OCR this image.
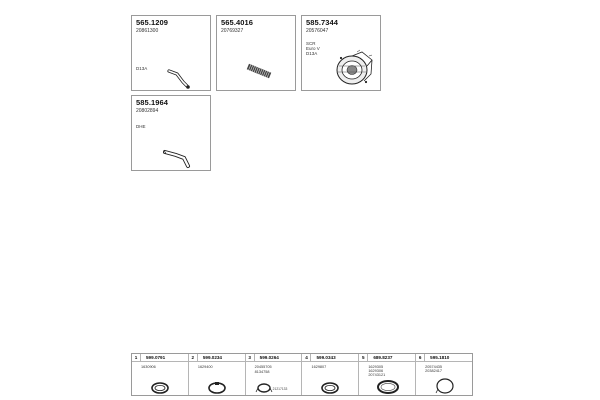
565.1209
20861300
D13A
565.4016
20769327
585.7344
20576047
SCR
Euro V
D13A
585.1964
20802894
DHE
1 599.0791
1630906
2 599.0234
1629400
3 599.0264
20455705
8134758
21217133
4 599.0343
1629807
5 689.8237
1629305
1629306
20743121
6 595.1810
20574435
20382417
